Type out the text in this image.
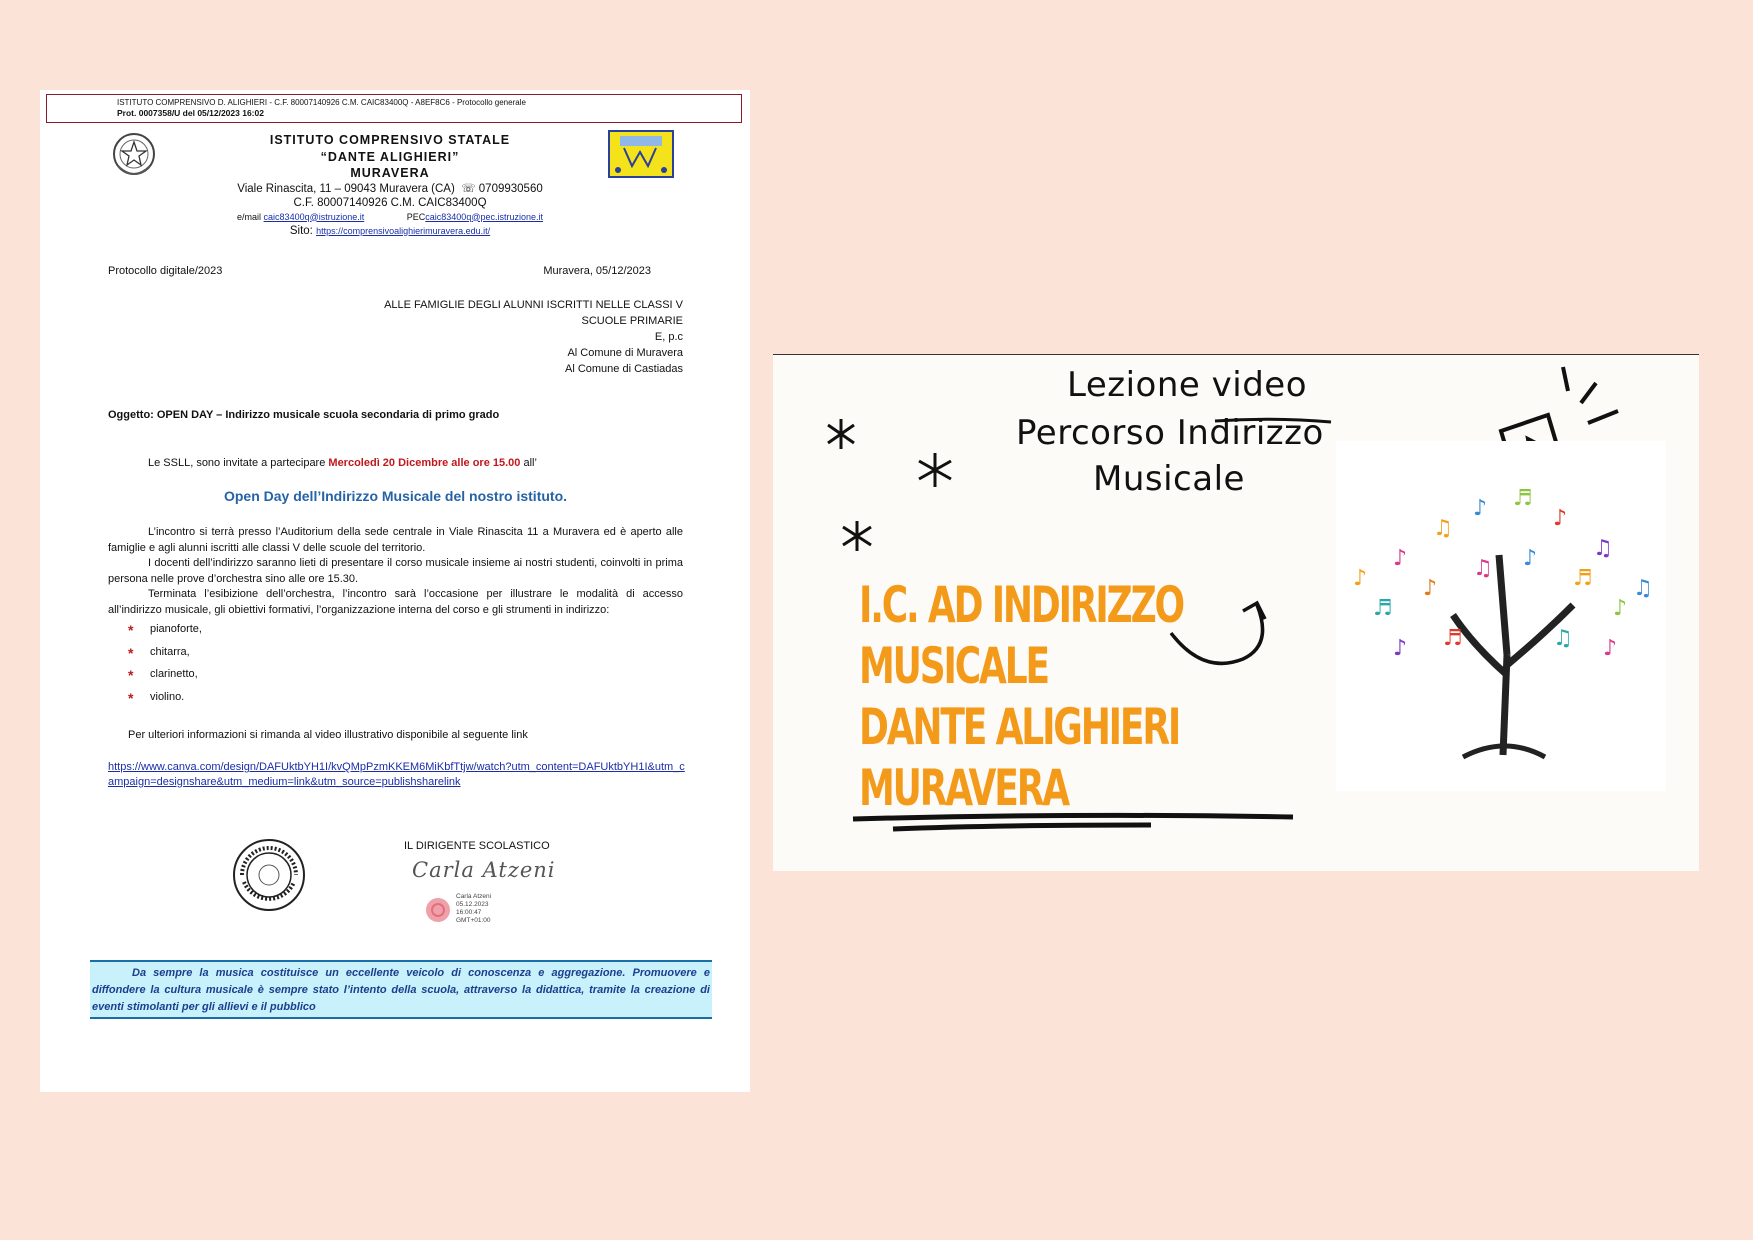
ISTITUTO COMPRENSIVO D. ALIGHIERI - C.F. 80007140926 C.M. CAIC83400Q - A8EF8C6 - Protocollo generale
Prot. 0007358/U del 05/12/2023 16:02
ISTITUTO COMPRENSIVO STATALE
“DANTE ALIGHIERI”
MURAVERA
Viale Rinascita, 11 – 09043 Muravera (CA)  ☏ 0709930560
C.F. 80007140926 C.M. CAIC83400Q
e/mail caic83400q@istruzione.it	PECcaic83400q@pec.istruzione.it
Sito: https://comprensivoalighierimuravera.edu.it/
Protocollo digitale/2023	Muravera, 05/12/2023
ALLE FAMIGLIE DEGLI ALUNNI ISCRITTI NELLE CLASSI V
SCUOLE PRIMARIE
E, p.c
Al Comune di Muravera
Al Comune di Castiadas
Oggetto: OPEN DAY – Indirizzo musicale scuola secondaria di primo grado
Le SSLL, sono invitate a partecipare Mercoledì 20 Dicembre alle ore 15.00 all’
Open Day dell’Indirizzo Musicale del nostro istituto.

L’incontro si terrà presso l’Auditorium della sede centrale in Viale Rinascita 11 a Muravera ed è aperto alle famiglie e agli alunni iscritti alle classi V delle scuole del territorio.

I docenti dell’indirizzo saranno lieti di presentare il corso musicale insieme ai nostri studenti, coinvolti in prima persona nelle prove d’orchestra sino alle ore 15.30.

Terminata l’esibizione dell’orchestra, l’incontro sarà l’occasione per illustrare le modalità di accesso all’indirizzo musicale, gli obiettivi formativi, l’organizzazione interna del corso e gli strumenti in indirizzo:

* pianoforte,
* chitarra,
* clarinetto,
* violino.
Per ulteriori informazioni si rimanda al video illustrativo disponibile al seguente link
https://www.canva.com/design/DAFUktbYH1I/kvQMpPzmKKEM6MiKbfTtjw/watch?utm_content=DAFUktbYH1I&utm_campaign=designshare&utm_medium=link&utm_source=publishsharelink
IL DIRIGENTE SCOLASTICO
Carla Atzeni
Carla Atzeni
05.12.2023
16:00:47
GMT+01:00
Da sempre la musica costituisce un eccellente veicolo di conoscenza e aggregazione. Promuovere e diffondere la cultura musicale è sempre stato l’intento della scuola, attraverso la didattica, tramite la creazione di eventi stimolanti per gli allievi e il pubblico
Lezione video
Percorso Indirizzo
Musicale
I.C. AD INDIRIZZO
MUSICALE
DANTE ALIGHIERI
MURAVERA
♪
♫
♪ ♬
♪
♫
♬
♪
♫ ♪
♬
♪
♪ ♬	♫ ♪
♫
♪
